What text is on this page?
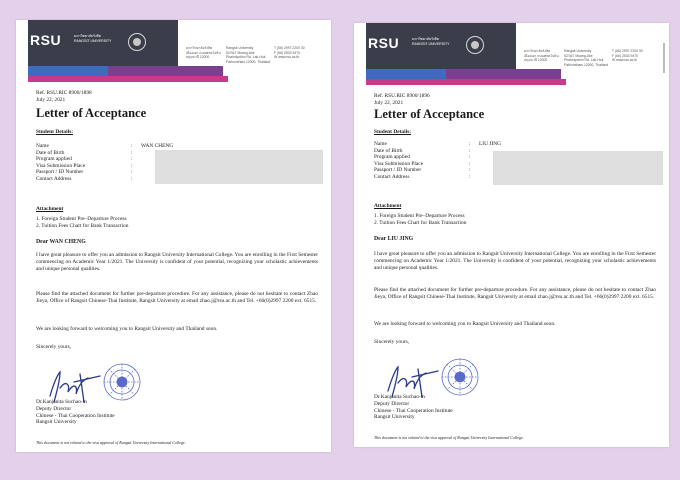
RSU	มหาวิทยาลัยรังสิต
RANGSIT UNIVERSITY
มหาวิทยาลัยรังสิต
เมืองเอก ถนนพหลโยธิน
ปทุมธานี 12000
Rangsit University
52/347 Muang-Ake
Phaholyothin Rd. Lak-Hok
Pathumthani 12000, Thailand
T (66) 2997 2200 30
F (66) 2533 9470
W www.rsu.ac.th
Ref. RSU.RIC 8900/1898
July 22, 2021
Letter of Acceptance
Student Details:
Name	: WAN CHENG
Date of Birth	:
Program applied	:
Visa Submission Place	:
Passport / ID Number	:
Contact Address	:
Attachment
1. Foreign Student Pre–Departure Process
2. Tuition Fees Chart for Bank Transaction
Dear WAN CHENG
I have great pleasure to offer you an admission to Rangsit University International College. You are enrolling in the First Semester commencing on Academic Year 1/2021. The University is confident of your potential, recognizing your scholastic achievements and unique personal qualities.
Please find the attached document for further pre-departure procedure. For any assistance, please do not hesitate to contact Zhao Jieya, Office of Rangsit Chinese-Thai Institute, Rangsit University at email zhao.j@rsu.ac.th and Tel. +66(0)2997 2200 ext. 6515.
We are looking forward to welcoming you to Rangsit University and Thailand soon.
Sincerely yours,
Dr.Kanjanita Suchao-in
Deputy Director
Chinese - Thai Cooperation Institute
Rangsit University
This document is not related to the visa approval of Rangsit University International College.
RSU	มหาวิทยาลัยรังสิต
RANGSIT UNIVERSITY
มหาวิทยาลัยรังสิต
เมืองเอก ถนนพหลโยธิน
ปทุมธานี 12000
Rangsit University
52/347 Muang-Ake
Phaholyothin Rd. Lak-Hok
Pathumthani 12000, Thailand
T (66) 2997 2200 30
F (66) 2533 9470
W www.rsu.ac.th
Ref. RSU.RIC 8900/1896
July 22, 2021
Letter of Acceptance
Student Details:
Name	: LIU JING
Date of Birth	:
Program applied	:
Visa Submission Place	:
Passport / ID Number	:
Contact Address	:
Attachment
1. Foreign Student Pre–Departure Process
2. Tuition Fees Chart for Bank Transaction
Dear LIU JING
I have great pleasure to offer you an admission to Rangsit University International College. You are enrolling in the First Semester commencing on Academic Year 1/2021. The University is confident of your potential, recognizing your scholastic achievements and unique personal qualities.
Please find the attached document for further pre-departure procedure. For any assistance, please do not hesitate to contact Zhao Jieya, Office of Rangsit Chinese-Thai Institute, Rangsit University at email zhao.j@rsu.ac.th and Tel. +66(0)2997 2200 ext. 6515.
We are looking forward to welcoming you to Rangsit University and Thailand soon.
Sincerely yours,
Dr.Kanjanita Suchao-in
Deputy Director
Chinese - Thai Cooperation Institute
Rangsit University
This document is not related to the visa approval of Rangsit University International College.
